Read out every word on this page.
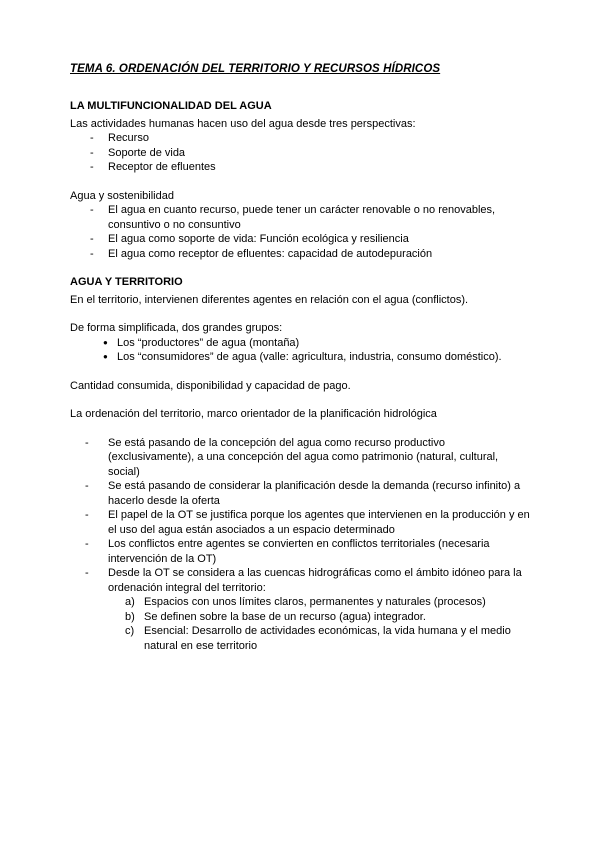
TEMA 6. ORDENACIÓN DEL TERRITORIO Y RECURSOS HÍDRICOS
LA MULTIFUNCIONALIDAD DEL AGUA

Las actividades humanas hacen uso del agua desde tres perspectivas:

-	Recurso
-	Soporte de vida
-	Receptor de efluentes

Agua y sostenibilidad

-	El agua en cuanto recurso, puede tener un carácter renovable o no renovables, consuntivo o no consuntivo
-	El agua como soporte de vida: Función ecológica y resiliencia
-	El agua como receptor de efluentes: capacidad de autodepuración
AGUA Y TERRITORIO

En el territorio, intervienen diferentes agentes en relación con el agua (conflictos).

De forma simplificada, dos grandes grupos:

● Los “productores” de agua (montaña)
● Los “consumidores” de agua (valle: agricultura, industria, consumo doméstico).

Cantidad consumida, disponibilidad y capacidad de pago.

La ordenación del territorio, marco orientador de la planificación hidrológica

-	Se está pasando de la concepción del agua como recurso productivo (exclusivamente), a una concepción del agua como patrimonio (natural, cultural, social)
-	Se está pasando de considerar la planificación desde la demanda (recurso infinito) a hacerlo desde la oferta
-	El papel de la OT se justifica porque los agentes que intervienen en la producción y en el uso del agua están asociados a un espacio determinado
-	Los conflictos entre agentes se convierten en conflictos territoriales (necesaria intervención de la OT)
-	Desde la OT se considera a las cuencas hidrográficas como el ámbito idóneo para la ordenación integral del territorio:
a) Espacios con unos límites claros, permanentes y naturales (procesos)
b) Se definen sobre la base de un recurso (agua) integrador.
c) Esencial: Desarrollo de actividades económicas, la vida humana y el medio natural en ese territorio
